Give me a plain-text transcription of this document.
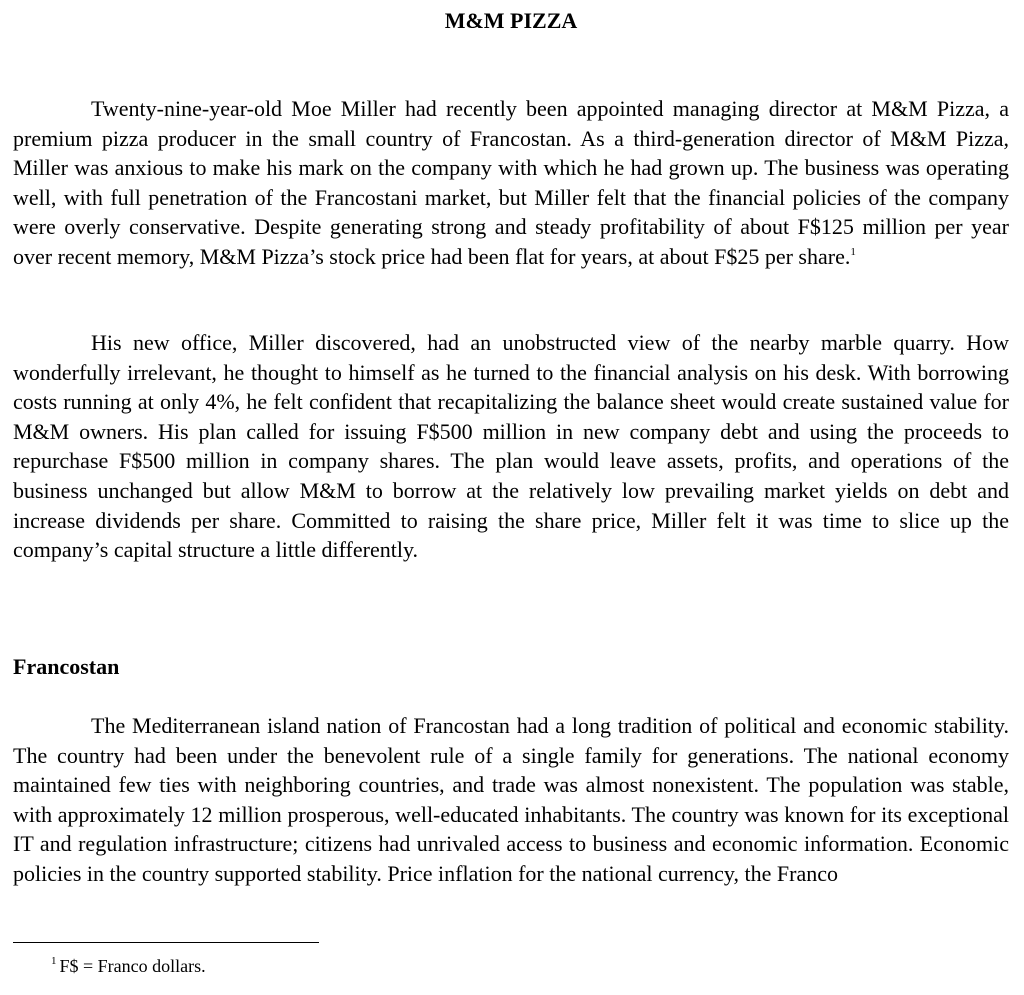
M&M PIZZA

Twenty-nine-year-old Moe Miller had recently been appointed managing director at M&M Pizza, a premium pizza producer in the small country of Francostan. As a third-generation director of M&M Pizza, Miller was anxious to make his mark on the company with which he had grown up. The business was operating well, with full penetration of the Francostani market, but Miller felt that the financial policies of the company were overly conservative. Despite generating strong and steady profitability of about F$125 million per year over recent memory, M&M Pizza’s stock price had been flat for years, at about F$25 per share.$^1$

His new office, Miller discovered, had an unobstructed view of the nearby marble quarry. How wonderfully irrelevant, he thought to himself as he turned to the financial analysis on his desk. With borrowing costs running at only 4%, he felt confident that recapitalizing the balance sheet would create sustained value for M&M owners. His plan called for issuing F$500 million in new company debt and using the proceeds to repurchase F$500 million in company shares. The plan would leave assets, profits, and operations of the business unchanged but allow M&M to borrow at the relatively low prevailing market yields on debt and increase dividends per share. Committed to raising the share price, Miller felt it was time to slice up the company’s capital structure a little differently.

Francostan

The Mediterranean island nation of Francostan had a long tradition of political and economic stability. The country had been under the benevolent rule of a single family for generations. The national economy maintained few ties with neighboring countries, and trade was almost nonexistent. The population was stable, with approximately 12 million prosperous, well-educated inhabitants. The country was known for its exceptional IT and regulation infrastructure; citizens had unrivaled access to business and economic information. Economic policies in the country supported stability. Price inflation for the national currency, the Franco

$^1$ F$ = Franco dollars.
